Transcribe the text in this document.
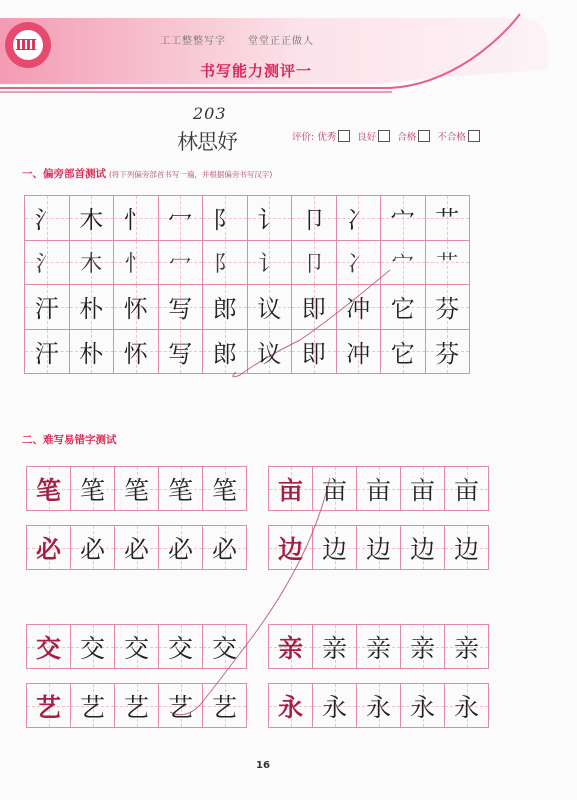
IIII	工工整整写字　　堂堂正正做人
书写能力测评一
203
林思妤	评价: 优秀 良好 合格 不合格
一、偏旁部首测试 (将下列偏旁部首书写一遍，并根据偏旁书写汉字)
氵	木	忄	冖	阝	讠	卩	冫	宀	艹
氵	木	忄	冖	阝	讠	卩	冫	宀	艹
汗	朴	怀	写	郎	议	即	冲	它	芬
汗	朴	怀	写	郎	议	即	冲	它	芬
二、难写易错字测试
笔	笔	笔	笔	笔 亩	亩	亩	亩	亩
必	必	必	必	必 边	边	边	边	边
交	交	交	交	交 亲	亲	亲	亲	亲
艺	艺	艺	艺	艺 永	永	永	永	永
16
